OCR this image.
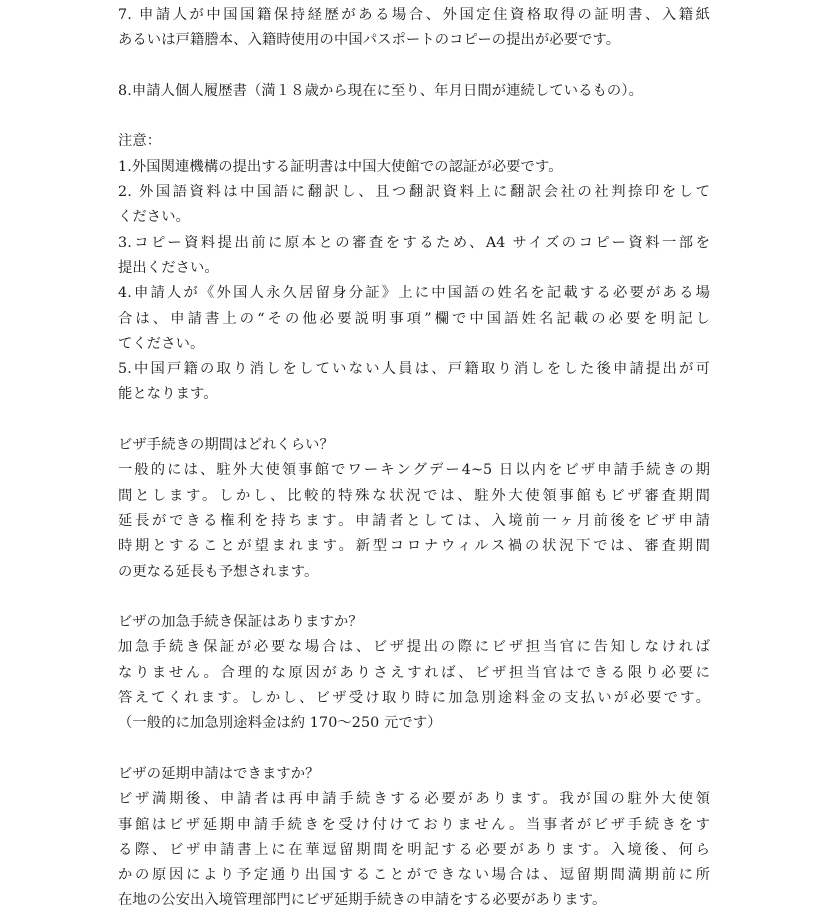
7. 申請人が中国国籍保持経歴がある場合、外国定住資格取得の証明書、入籍紙
あるいは戸籍謄本、入籍時使用の中国パスポートのコピーの提出が必要です。
8.申請人個人履歴書（満１８歳から現在に至り、年月日間が連続しているもの）。
注意：
1.外国関連機構の提出する証明書は中国大使館での認証が必要です。
2. 外国語資料は中国語に翻訳し、且つ翻訳資料上に翻訳会社の社判捺印をして
ください。
3.コピー資料提出前に原本との審査をするため、A4 サイズのコピー資料一部を
提出ください。
4.申請人が《外国人永久居留身分証》上に中国語の姓名を記載する必要がある場
合は、申請書上の“その他必要説明事項”欄で中国語姓名記載の必要を明記し
てください。
5.中国戸籍の取り消しをしていない人員は、戸籍取り消しをした後申請提出が可
能となります。
ビザ手続きの期間はどれくらい？
一般的には、駐外大使領事館でワーキングデー4~5 日以内をビザ申請手続きの期
間とします。しかし、比較的特殊な状況では、駐外大使領事館もビザ審査期間
延長ができる権利を持ちます。申請者としては、入境前一ヶ月前後をビザ申請
時期とすることが望まれます。新型コロナウィルス禍の状況下では、審査期間
の更なる延長も予想されます。
ビザの加急手続き保証はありますか？
加急手続き保証が必要な場合は、ビザ提出の際にビザ担当官に告知しなければ
なりません。合理的な原因がありさえすれば、ビザ担当官はできる限り必要に
答えてくれます。しかし、ビザ受け取り時に加急別途料金の支払いが必要です。
（一般的に加急別途料金は約 170～250 元です）
ビザの延期申請はできますか？
ビザ満期後、申請者は再申請手続きする必要があります。我が国の駐外大使領
事館はビザ延期申請手続きを受け付けておりません。当事者がビザ手続きをす
る際、ビザ申請書上に在華逗留期間を明記する必要があります。入境後、何ら
かの原因により予定通り出国することができない場合は、逗留期間満期前に所
在地の公安出入境管理部門にビザ延期手続きの申請をする必要があります。
